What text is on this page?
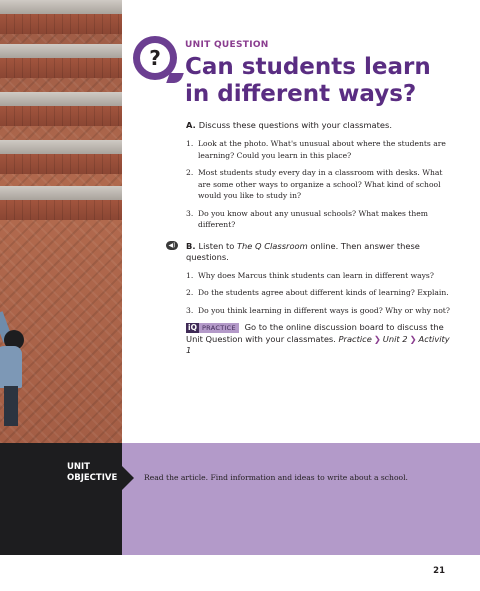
?
UNIT QUESTION
Can students learn in different ways?
A. Discuss these questions with your classmates.
1. Look at the photo. What's unusual about where the students are learning? Could you learn in this place?
2. Most students study every day in a classroom with desks. What are some other ways to organize a school? What kind of school would you like to study in?
3. Do you know about any unusual schools? What makes them different?
◀)	B. Listen to The Q Classroom online. Then answer these questions.
1. Why does Marcus think students can learn in different ways?
2. Do the students agree about different kinds of learning? Explain.
3. Do you think learning in different ways is good? Why or why not?
iQ PRACTICE Go to the online discussion board to discuss the Unit Question with your classmates. Practice ❯ Unit 2 ❯ Activity 1
UNIT
OBJECTIVE	Read the article. Find information and ideas to write about a school.
21
